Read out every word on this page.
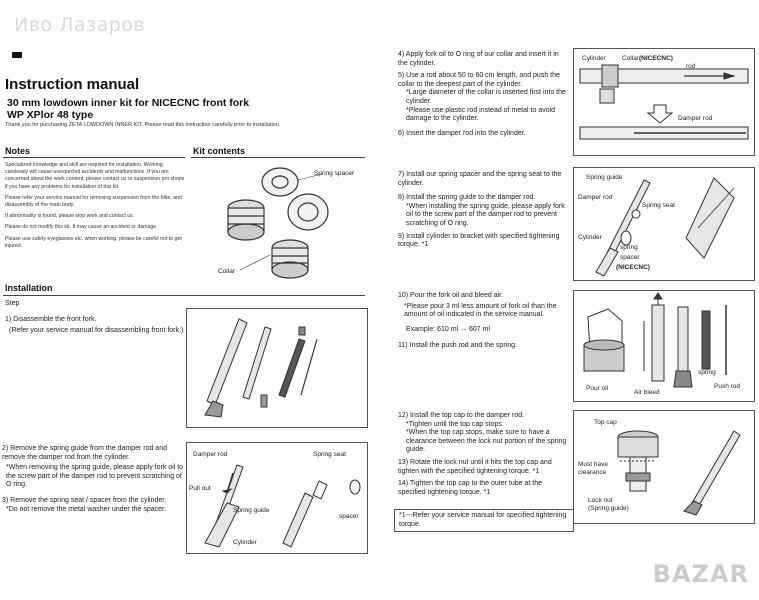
Иво Лазаров
Instruction manual
30 mm lowdown inner kit for NICECNC front fork
WP XPlor 48 type
Thank you for purchasing ZETA LOWDOWN INNER KIT. Please read this instruction carefully prior to installation.
Notes
Specialized knowledge and skill are required for installation. Working carelessly will cause unexpected accidents and malfunctions. If you are concerned about the work content, please contact us or suspension pro shops if you have any problems for installation of this kit.
Please refer your service manual for removing suspension from the bike, and disassembly of the main body.
If abnormality is found, please stop work and contact us.
Please do not modify this kit. It may cause an accident or damage.
Please use safety eyeglasses etc. when working. please be careful not to get injured.
Kit contents
Spring spacer
Collar
Installation
Step
1) Disassemble the front fork.
(Refer your service manual for disassembling front fork.)
2) Remove the spring guide from the damper rod and remove the damper rod from the cylinder.
*When removing the spring guide, please apply fork oil to the screw part of the damper rod to prevent scratching of O ring.
3) Remove the spring seat / spacer from the cylinder.
*Do not remove the metal washer under the spacer.
Damper rod	Spring seat
Pull out
Spring guide
spacer
Cylinder
4) Apply fork oil to O ring of our collar and insert it in the cylinder.
5) Use a rod about 50 to 60 cm length, and push the collar to the deepest part of the cylinder.
*Large diameter of the collar is inserted first into the cylinder.
*Please use plastic rod instead of metal to avoid damage to the cylinder.
6) Insert the damper rod into the cylinder.
Cylinder Collar(NICECNC)
rod
Damper rod
7) Install our spring spacer and the spring seat to the cylinder.
8) Install the spring guide to the damper rod.
*When installing the spring guide, please apply fork oil to the screw part of the damper rod to prevent scratching of O ring.
9) Install cylinder to bracket with specified tightening torque. *1
Spring guide
Damper rod
Spring seat
Cylinder
spring
spacer
(NICECNC)
10) Pour the fork oil and bleed air.
*Please pour 3 ml less amount of fork oil than the amount of oil indicated in the service manual.
Example: 610 ml → 607 ml
11) Install the push rod and the spring.
Pour oil
Air bleed
spring
Push rod
12) Install the top cap to the damper rod.
*Tighten until the top cap stops.
*When the top cap stops, make sure to have a clearance between the lock nut portion of the spring guide.
13) Rotate the lock nut until it hits the top cap and tighten with the specified tightening torque. *1
14) Tighten the top cap to the outer tube at the specified tightening torque. *1
*1---Refer your service manual for specified tightening torque.
Top cap
Must have
clearance
Lock nut
(Spring guide)
BAZAR
